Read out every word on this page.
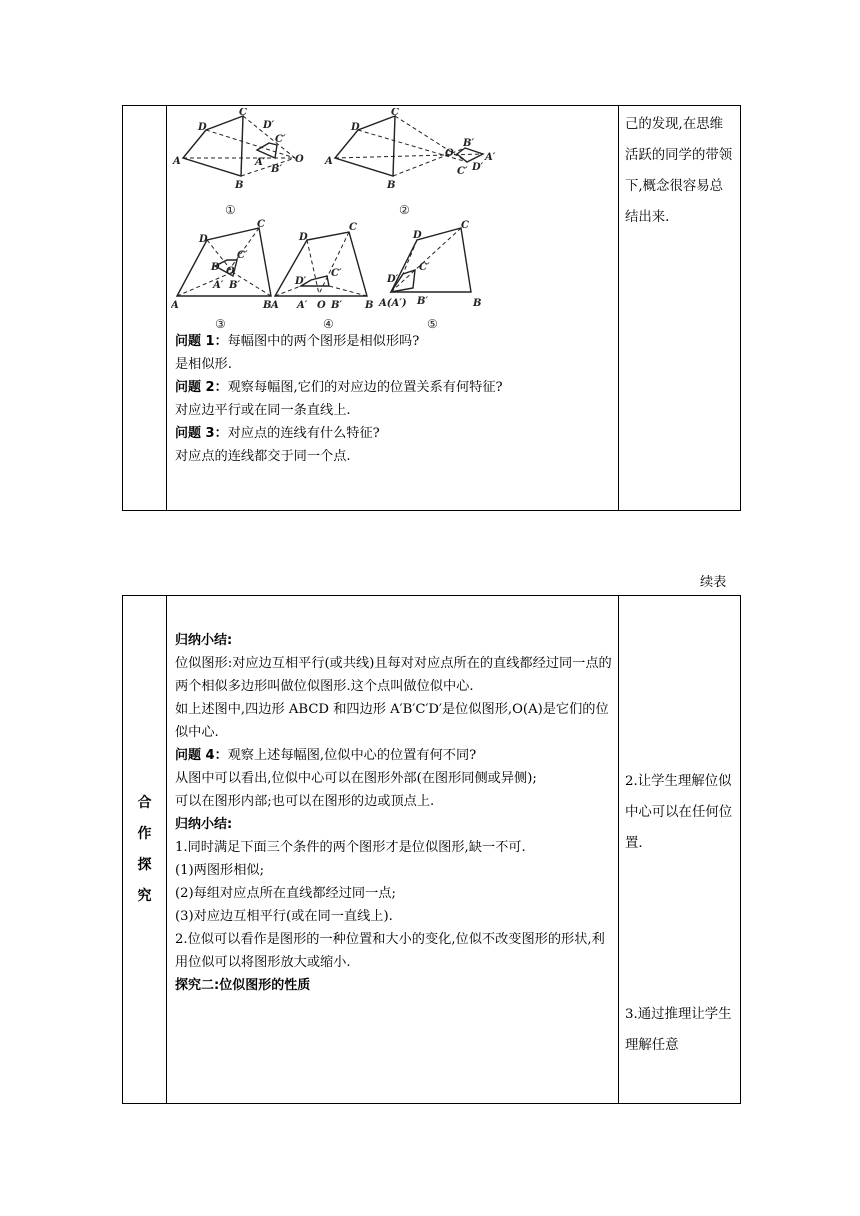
C
D
A
B
D′
C′
A′
B′
O
①
C
D
A
B
O
B′
A′
C′ D′
②
C
D
A	B
D′
C′
O
A′ B′
③
C
D
A	B
C′
D′
A′ O B′
④
C
D
A(A′)	B
C′
D′
B′
⑤

问题 1：每幅图中的两个图形是相似形吗?

是相似形.

问题 2：观察每幅图,它们的对应边的位置关系有何特征?

对应边平行或在同一条直线上.

问题 3：对应点的连线有什么特征?

对应点的连线都交于同一个点.

己的发现,在思维活跃的同学的带领下,概念很容易总结出来.
续表
合
作
探
究

归纳小结:

位似图形:对应边互相平行(或共线)且每对对应点所在的直线都经过同一点的两个相似多边形叫做位似图形.这个点叫做位似中心.

如上述图中,四边形 ABCD 和四边形 A′B′C′D′是位似图形,O(A)是它们的位似中心.

问题 4：观察上述每幅图,位似中心的位置有何不同?

从图中可以看出,位似中心可以在图形外部(在图形同侧或异侧);

可以在图形内部;也可以在图形的边或顶点上.

归纳小结:

1.同时满足下面三个条件的两个图形才是位似图形,缺一不可.

(1)两图形相似;

(2)每组对应点所在直线都经过同一点;

(3)对应边互相平行(或在同一直线上).

2.位似可以看作是图形的一种位置和大小的变化,位似不改变图形的形状,利用位似可以将图形放大或缩小.

探究二:位似图形的性质

2.让学生理解位似中心可以在任何位置.
3.通过推理让学生理解任意
